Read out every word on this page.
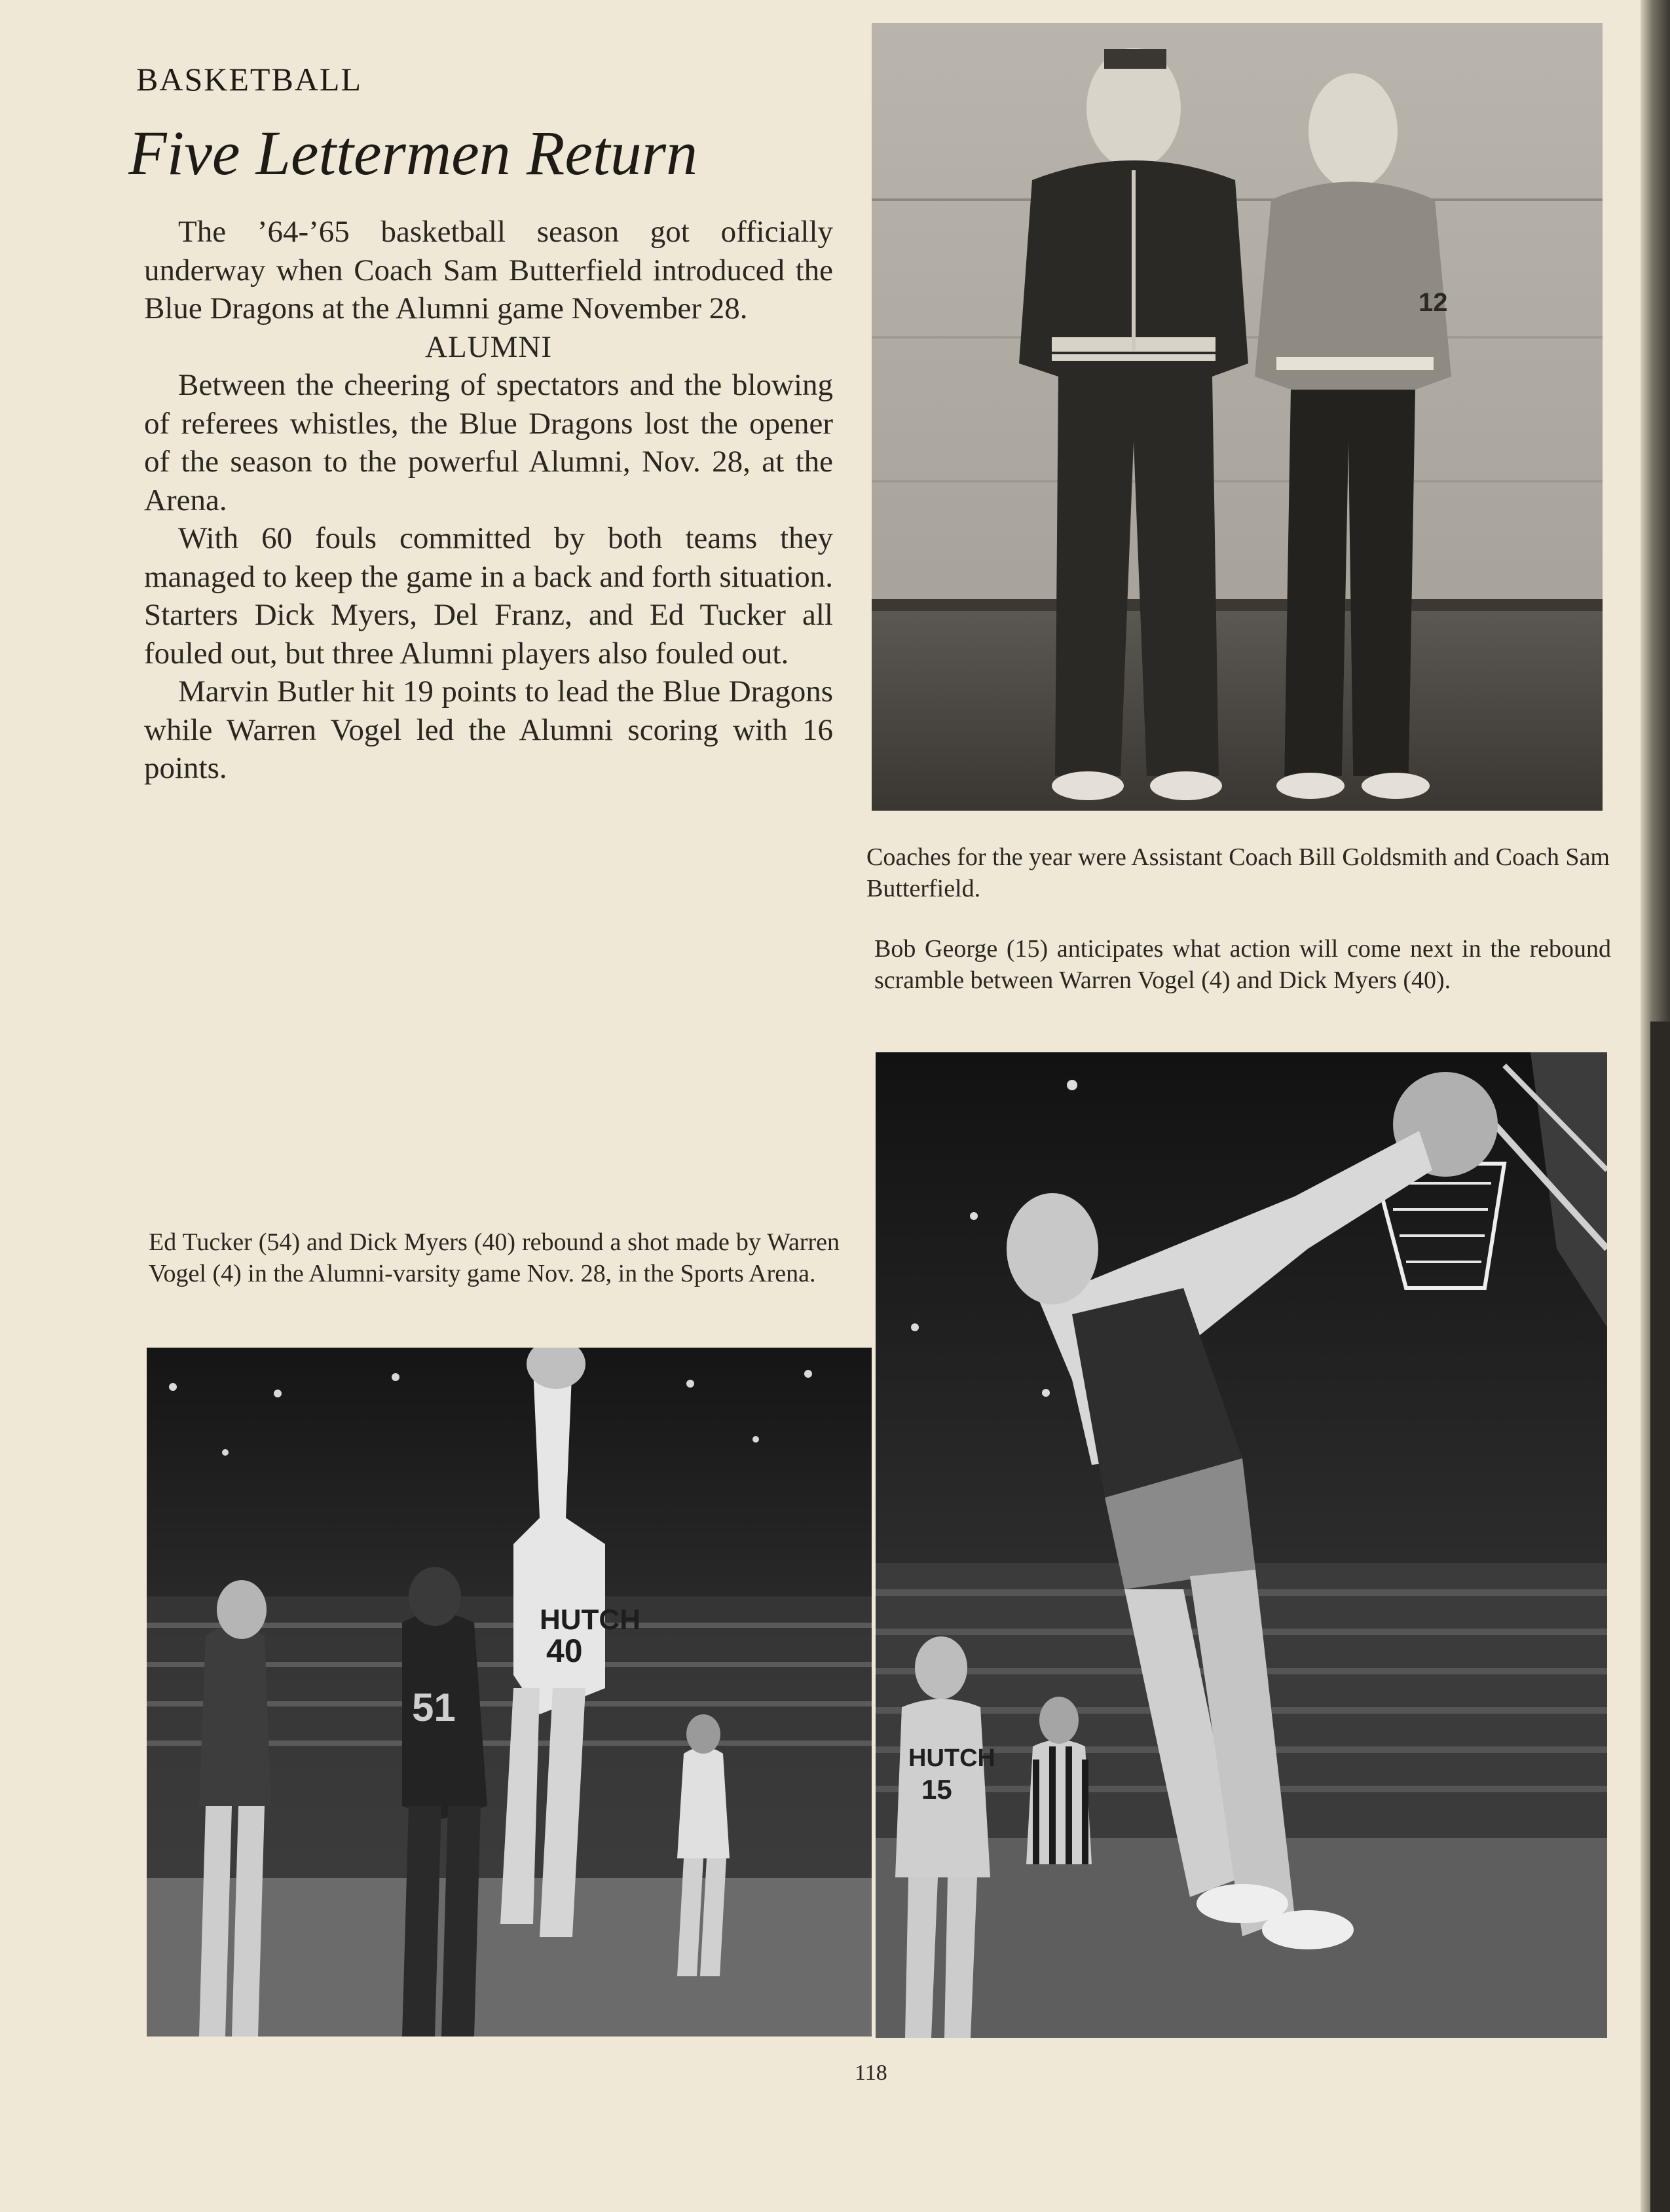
BASKETBALL
Five Lettermen Return

The ’64-’65 basketball season got officially underway when Coach Sam Butterfield introduced the Blue Dragons at the Alumni game November 28.

ALUMNI

Between the cheering of spectators and the blowing of referees whistles, the Blue Dragons lost the opener of the season to the powerful Alumni, Nov. 28, at the Arena.

With 60 fouls committed by both teams they managed to keep the game in a back and forth situation. Starters Dick Myers, Del Franz, and Ed Tucker all fouled out, but three Alumni players also fouled out.

Marvin Butler hit 19 points to lead the Blue Dragons while Warren Vogel led the Alumni scoring with 16 points.

12
Coaches for the year were Assistant Coach Bill Goldsmith and Coach Sam Butterfield.
Bob George (15) anticipates what action will come next in the rebound scramble between Warren Vogel (4) and Dick Myers (40).
Ed Tucker (54) and Dick Myers (40) rebound a shot made by Warren Vogel (4) in the Alumni-varsity game Nov. 28, in the Sports Arena.
HUTCH
40
51
HUTCH
15
118
